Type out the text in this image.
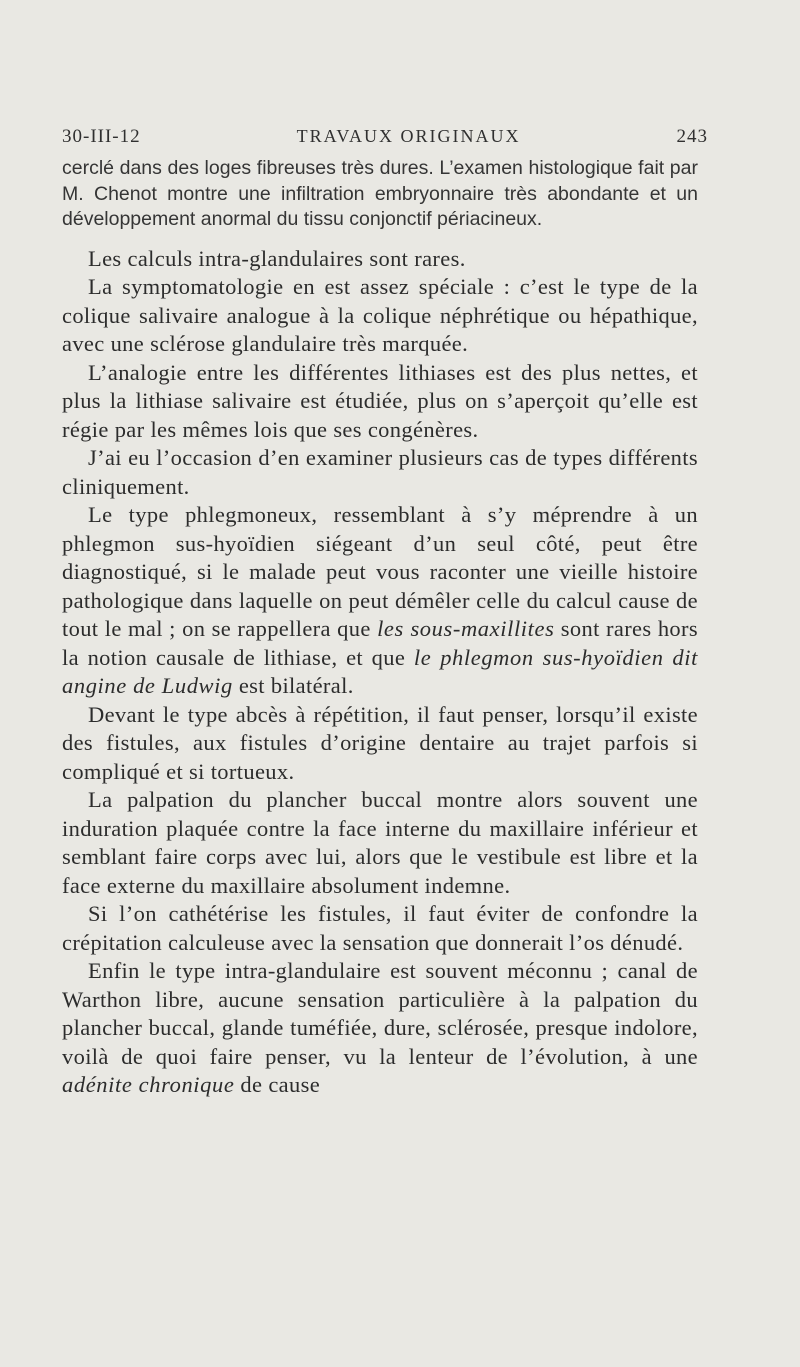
30-III-12	TRAVAUX ORIGINAUX	243

cerclé dans des loges fibreuses très dures. L’examen histologique fait par M. Chenot montre une infiltration embryonnaire très abondante et un développement anormal du tissu conjonctif périacineux.

Les calculs intra-glandulaires sont rares.

La symptomatologie en est assez spéciale : c’est le type de la colique salivaire analogue à la colique néphrétique ou hépathique, avec une sclérose glandulaire très marquée.

L’analogie entre les différentes lithiases est des plus nettes, et plus la lithiase salivaire est étudiée, plus on s’aperçoit qu’elle est régie par les mêmes lois que ses congénères.

J’ai eu l’occasion d’en examiner plusieurs cas de types différents cliniquement.

Le type phlegmoneux, ressemblant à s’y méprendre à un phlegmon sus-hyoïdien siégeant d’un seul côté, peut être diagnostiqué, si le malade peut vous raconter une vieille histoire pathologique dans laquelle on peut démêler celle du calcul cause de tout le mal ; on se rappellera que les sous-maxillites sont rares hors la notion causale de lithiase, et que le phlegmon sus-hyoïdien dit angine de Ludwig est bilatéral.

Devant le type abcès à répétition, il faut penser, lorsqu’il existe des fistules, aux fistules d’origine dentaire au trajet parfois si compliqué et si tortueux.

La palpation du plancher buccal montre alors souvent une induration plaquée contre la face interne du maxillaire inférieur et semblant faire corps avec lui, alors que le vestibule est libre et la face externe du maxillaire absolument indemne.

Si l’on cathétérise les fistules, il faut éviter de confondre la crépitation calculeuse avec la sensation que donnerait l’os dénudé.

Enfin le type intra-glandulaire est souvent méconnu ; canal de Warthon libre, aucune sensation particulière à la palpation du plancher buccal, glande tuméfiée, dure, sclérosée, presque indolore, voilà de quoi faire penser, vu la lenteur de l’évolution, à une adénite chronique de cause
